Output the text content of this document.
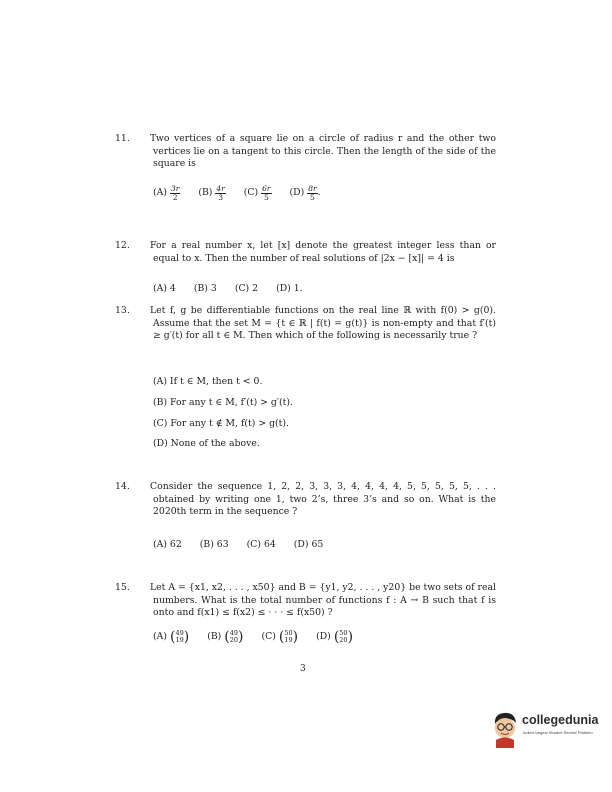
11. Two vertices of a square lie on a circle of radius r and the other two vertices lie on a tangent to this circle. Then the length of the side of the square is

$(A) \frac{3r}{2} (B) \frac{4r}{3} (C) \frac{6r}{5} (D) \frac{8r}{5}$ .

12. For a real number x, let [x] denote the greatest integer less than or equal to x. Then the number of real solutions of |2x − [x]| = 4 is

(A) 4 (B) 3 (C) 2 (D) 1.

13. Let f, g be differentiable functions on the real line ℝ with f(0) > g(0). Assume that the set M = {t ∈ ℝ | f(t) = g(t)} is non-empty and that f′(t) ≥ g′(t) for all t ∈ M. Then which of the following is necessarily true ?

(A) If t ∈ M, then t < 0.
(B) For any t ∈ M, f′(t) > g′(t).
(C) For any t ∉ M, f(t) > g(t).
(D) None of the above.

14. Consider the sequence 1, 2, 2, 3, 3, 3, 4, 4, 4, 4, 5, 5, 5, 5, 5, . . . obtained by writing one 1, two 2’s, three 3’s and so on. What is the 2020th term in the sequence ?

(A) 62 (B) 63 (C) 64 (D) 65

15. Let A = {x1, x2, . . . , x50} and B = {y1, y2, . . . , y20} be two sets of real numbers. What is the total number of functions f : A → B such that f is onto and f(x1) ≤ f(x2) ≤ · · · ≤ f(x50) ?

(A) ( 49
19 ) (B) ( 49
20 ) (C) ( 50
19 ) (D) ( 50
20 )
3
collegedunia
India's largest Student Review Platform
